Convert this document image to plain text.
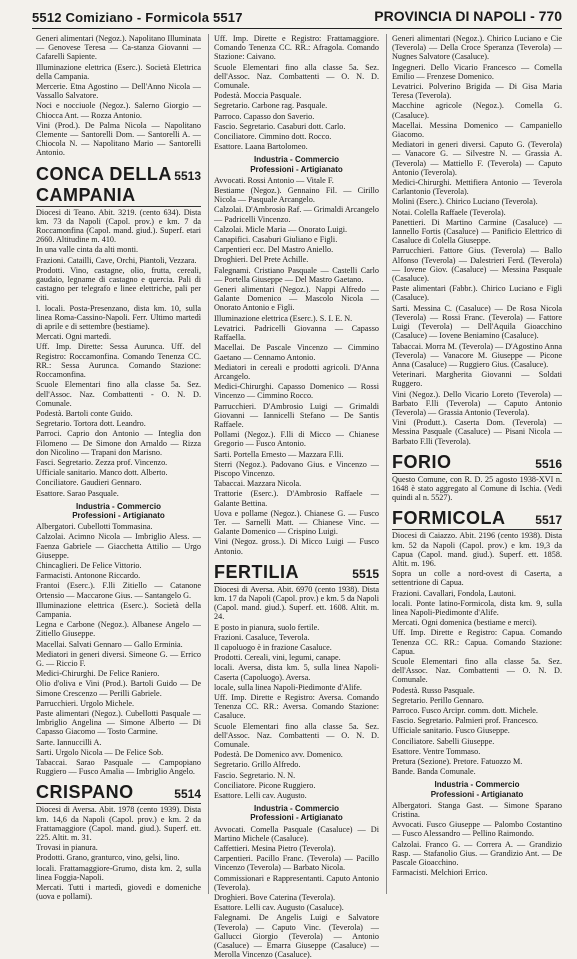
5512 Comiziano - Formicola 5517	PROVINCIA DI NAPOLI - 770

Generi alimentari (Negoz.). Napolitano Illuminata — Genovese Teresa — Ca-stanza Giovanni — Cafarelli Sapiente.

Illuminazione elettrica (Eserc.). Società Elettrica della Campania.

Mercerie. Etna Agostino — Dell'Anno Nicola — Vassallo Salvatore.

Noci e nocciuole (Negoz.). Salerno Giorgio — Chiocca Ant. — Rozza Antonio.

Vini (Prod.). De Palma Nicola — Napolitano Clemente — Santorelli Dom. — Santorelli A. — Chiocola N. — Napolitano Mario — Santorelli Antonio.

CONCA DELLA CAMPANIA
5513

Diocesi di Teano. Abit. 3219. (cento 634). Dista km. 73 da Napoli (Capol. prov.) e km. 7 da Roccamonfina (Capol. mand. giud.). Superf. etari 2660. Altitudine m. 410.

In una valle cinta da alti monti.

Frazioni. Catailli, Cave, Orchi, Piantoli, Vezzara.

Prodotti. Vino, castagne, olio, frutta, cereali, gaudaio, legname di castagno e quercia. Pali di castagno per telegrafo e linee elettriche, pali per viti.

l. locali. Posta-Presenzano, dista km. 10, sulla linea Roma-Cassino-Napoli. Ferr. Ultimo martedì di aprile e di settembre (bestiame).

Mercati. Ogni martedì.

Uff. Imp. Dirette: Sessa Aurunca. Uff. del Registro: Roccamonfina. Comando Tenenza CC. RR.: Sessa Aurunca. Comando Stazione: Roccamonfina.

Scuole Elementari fino alla classe 5a. Sez. dell'Assoc. Naz. Combattenti - O. N. D. Comunale.

Podestà. Bartoli conte Guido.

Segretario. Tortora dott. Leandro.

Parroci. Caprio don Antonio — Integlia don Filomeno — De Simone don Arnaldo — Rizza don Nicolino — Trapani don Marisno.

Fasci. Segretario. Zezza prof. Vincenzo.

Ufficiale sanitario. Manco dott. Alberto.

Conciliatore. Gaudieri Gennaro.

Esattore. Sarao Pasquale.

Industria - Commercio
Professioni - Artigianato

Albergatori. Cubellotti Tommasina.

Calzolai. Acimno Nicola — Imbriglio Aless. — Faenza Gabriele — Giacchetta Attilio — Urgo Giuseppe.

Chincaglieri. De Felice Vittorio.

Farmacisti. Antonone Riccardo.

Frantoi (Eserc.). F.lli Zitiello — Catanone Ortensio — Maccarone Gius. — Santangelo G.

Illuminazione elettrica (Eserc.). Società della Campania.

Legna e Carbone (Negoz.). Albanese Angelo — Zitiello Giuseppe.

Macellai. Salvati Gennaro — Gallo Erminia.

Mediatori in generi diversi. Simeone G. — Errico G. — Riccio F.

Medici-Chirurghi. De Felice Raniero.

Olio d'oliva e Vini (Prod.). Bartoli Guido — De Simone Crescenzo — Perilli Gabriele.

Parrucchieri. Urgolo Michele.

Paste alimentari (Negoz.). Cubellotti Pasquale — Imbriglio Angelina — Simone Alberto — Di Capasso Giacomo — Tosto Carmine.

Sarte. Iannuccilli A.

Sarti. Urgolo Nicola — De Felice Sob.

Tabaccai. Sarao Pasquale — Campopiano Ruggiero — Fusco Amalia — Imbriglio Angelo.

CRISPANO	5514

Diocesi di Aversa. Abit. 1978 (cento 1939). Dista km. 14,6 da Napoli (Capol. prov.) e km. 2 da Frattamaggiore (Capol. mand. giud.). Superf. ett. 225. Altit. m. 31.

Trovasi in pianura.

Prodotti. Grano, granturco, vino, gelsi, lino.

locali. Frattamaggiore-Grumo, dista km. 2, sulla linea Foggia-Napoli.

Mercati. Tutti i martedì, giovedì e domeniche (uova e pollami).

Uff. Imp. Dirette e Registro: Frattamaggiore. Comando Tenenza CC. RR.: Afragola. Comando Stazione: Caivano.

Scuole Elementari fino alla classe 5a. Sez. dell'Assoc. Naz. Combattenti — O. N. D. Comunale.

Podestà. Moccia Pasquale.

Segretario. Carbone rag. Pasquale.

Parroco. Capasso don Saverio.

Fascio. Segretario. Casaburi dott. Carlo.

Conciliatore. Cimmino dott. Rocco.

Esattore. Laana Bartolomeo.

Industria - Commercio
Professioni - Artigianato

Avvocati. Rossi Antonio — Vitale F.

Bestiame (Negoz.). Gennaino Fil. — Cirillo Nicola — Pasquale Arcangelo.

Calzolai. D'Ambrosio Raf. — Grimaldi Arcangelo — Padricelli Vincenzo.

Calzolai. Micle Maria — Onorato Luigi.

Canapifici. Casaburi Giuliano e Figli.

Carpentieri ecc. Del Mastro Aniello.

Droghieri. Del Prete Achille.

Falegnami. Cristiano Pasquale — Castelli Carlo — Portella Giuseppe — Del Mastro Gaetano.

Generi alimentari (Negoz.). Nappi Alfredo — Galante Domenico — Mascolo Nicola — Onorato Antonio e Figli.

Illuminazione elettrica (Eserc.). S. I. E. N.

Levatrici. Padricelli Giovanna — Capasso Raffaella.

Macellai. De Pascale Vincenzo — Cimmino Gaetano — Cennamo Antonio.

Mediatori in cereali e prodotti agricoli. D'Anna Arcangelo.

Medici-Chirurghi. Capasso Domenico — Rossi Vincenzo — Cimmino Rocco.

Parrucchieri. D'Ambrosio Luigi — Grimaldi Giovanni — Iannicelli Stefano — De Santis Raffaele.

Pollami (Negoz.). F.lli di Micco — Chianese Gregorio — Fusco Antonio.

Sarti. Portella Ernesto — Mazzara F.lli.

Sterri (Negoz.). Padovano Gius. e Vincenzo — Piscopo Vincenzo.

Tabaccai. Mazzara Nicola.

Trattorie (Eserc.). D'Ambrosio Raffaele — Galante Bettina.

Uova e pollame (Negoz.). Chianese G. — Fusco Ter. — Sarnelli Matt. — Chianese Vinc. — Galante Domenico — Crispino Luigi.

Vini (Negoz. gross.). Di Micco Luigi — Fusco Antonio.

FERTILIA	5515

Diocesi di Aversa. Abit. 6970 (cento 1938). Dista km. 17 da Napoli (Capol. prov.) e km. 5 da Napoli (Capol. mand. giud.). Superf. ett. 1608. Altit. m. 24.

E posto in pianura, suolo fertile.

Frazioni. Casaluce, Teverola.

Il capoluogo è in frazione Casaluce.

Prodotti. Cereali, vini, legumi, canape.

locali. Aversa, dista km. 5, sulla linea Napoli-Caserta (Capoluogo). Aversa.

locale, sulla linea Napoli-Piedimonte d'Alife.

Uff. Imp. Dirette e Registro: Aversa. Comando Tenenza CC. RR.: Aversa. Comando Stazione: Casaluce.

Scuole Elementari fino alla classe 5a. Sez. dell'Assoc. Naz. Combattenti — O. N. D. Comunale.

Podestà. De Domenico avv. Domenico.

Segretario. Grillo Alfredo.

Fascio. Segretario. N. N.

Conciliatore. Picone Ruggiero.

Esattore. Lelli cav. Augusto.

Industria - Commercio
Professioni - Artigianato

Avvocati. Comella Pasquale (Casaluce) — Di Martino Michele (Casaluce).

Caffettieri. Mesina Pietro (Teverola).

Carpentieri. Pacillo Franc. (Teverola) — Pacillo Vincenzo (Teverola) — Barbato Nicola.

Commissionari e Rappresentanti. Caputo Antonio (Teverola).

Droghieri. Bove Caterina (Teverola).

Esattore. Lelli cav. Augusto (Casaluce).

Falegnami. De Angelis Luigi e Salvatore (Teverola) — Caputo Vinc. (Teverola) — Gallucci Giorgio (Teverola) — Antonio (Casaluce) — Emarra Giuseppe (Casaluce) — Merolla Vincenzo (Casaluce).

Generi alimentari (Negoz.). Chirico Luciano e Cie (Teverola) — Della Croce Speranza (Teverola) — Nugnes Salvatore (Casaluce).

Ingegneri. Dello Vicario Francesco — Comella Emilio — Frenzese Domenico.

Levatrici. Polverino Brigida — Di Gisa Maria Teresa (Teverola).

Macchine agricole (Negoz.). Comella G. (Casaluce).

Macellai. Messina Domenico — Campaniello Giacomo.

Mediatori in generi diversi. Caputo G. (Teverola) — Vanacore G. — Silvestre N. — Grassia A. (Teverola) — Mattiello F. (Teverola) — Caputo Antonio (Teverola).

Medici-Chirurghi. Mettifiera Antonio — Teverola Carlantonio (Teverola).

Molini (Eserc.). Chirico Luciano (Teverola).

Notai. Colella Raffaele (Teverola).

Panettieri. Di Martino Carmine (Casaluce) — Iannello Fortis (Casaluce) — Panificio Elettrico di Casaluce di Colella Giuseppe.

Parrucchieri. Fattore Gius. (Teverola) — Ballo Alfonso (Teverola) — Dalestrieri Ferd. (Teverola) — Iovene Giov. (Casaluce) — Messina Pasquale (Casaluce).

Paste alimentari (Fabbr.). Chirico Luciano e Figli (Casaluce).

Sarti. Messina C. (Casaluce) — De Rosa Nicola (Teverola) — Rossi Franc. (Teverola) — Fattore Luigi (Teverola) — Dell'Aquila Gioacchino (Casaluce) — Iovene Beniamino (Casaluce).

Tabaccai. Morra M. (Teverola) — D'Agostino Anna (Teverola) — Vanacore M. Giuseppe — Picone Anna (Casaluce) — Ruggiero Gius. (Casaluce).

Veterinari. Margherita Giovanni — Soldati Ruggero.

Vini (Negoz.). Dello Vicario Loreto (Teverola) — Barbato F.lli (Teverola) — Caputo Antonio (Teverola) — Grassia Antonio (Teverola).

Vini (Produtt.). Caserta Dom. (Teverola) — Messina Pasquale (Casaluce) — Pisani Nicola — Barbato F.lli (Teverola).

FORIO	5516

Questo Comune, con R. D. 25 agosto 1938-XVI n. 1648 è stato aggregato al Comune di Ischia. (Vedi quindi al n. 5527).

FORMICOLA 5517

Diocesi di Caiazzo. Abit. 2196 (cento 1938). Dista km. 52 da Napoli (Capol. prov.) e km. 19,3 da Capua (Capol. mand. giud.). Superf. ett. 1858. Altit. m. 196.

Sopra un colle a nord-ovest di Caserta, a settentrione di Capua.

Frazioni. Cavallari, Fondola, Lautoni.

locali. Ponte latino-Formicola, dista km. 9, sulla linea Napoli-Piedimonte d'Alife.

Mercati. Ogni domenica (bestiame e merci).

Uff. Imp. Dirette e Registro: Capua. Comando Tenenza CC. RR.: Capua. Comando Stazione: Capua.

Scuole Elementari fino alla classe 5a. Sez. dell'Assoc. Naz. Combattenti — O. N. D. Comunale.

Podestà. Russo Pasquale.

Segretario. Perillo Gennaro.

Parroco. Fusco Arcipr. comm. dott. Michele.

Fascio. Segretario. Palmieri prof. Francesco.

Ufficiale sanitario. Fusco Giuseppe.

Conciliatore. Sabelli Giuseppe.

Esattore. Ventre Tommaso.

Pretura (Sezione). Pretore. Fatuozzo M.

Bande. Banda Comunale.

Industria - Commercio
Professioni - Artigianato

Albergatori. Stanga Gast. — Simone Sparano Cristina.

Avvocati. Fusco Giuseppe — Palombo Costantino — Fusco Alessandro — Pellino Raimondo.

Calzolai. Franco G. — Correra A. — Grandizio Rasp. — Stafanolio Gius. — Grandizio Ant. — De Pascale Gioacchino.

Farmacisti. Melchiori Errico.
